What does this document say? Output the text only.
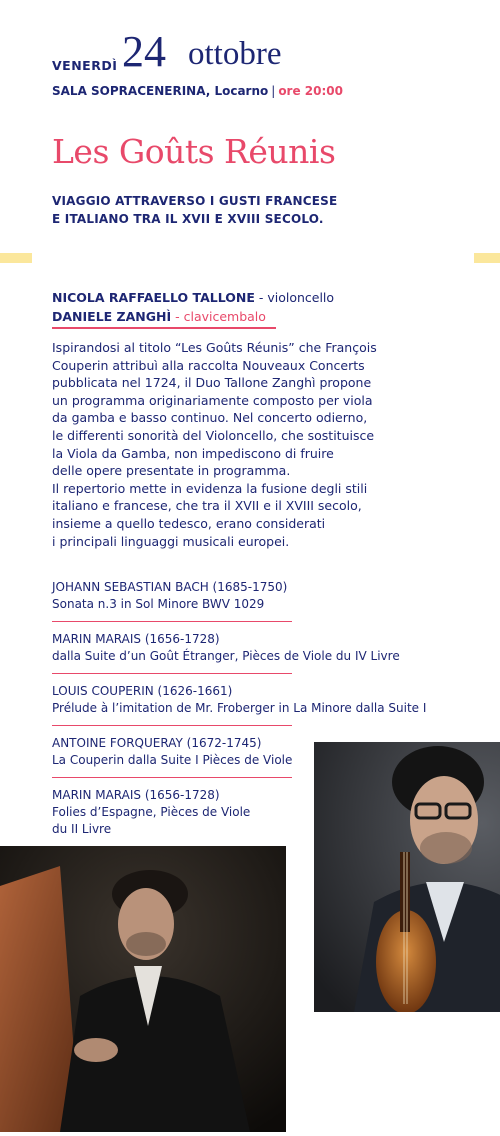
VENERDÌ 24 ottobre
SALA SOPRACENERINA, Locarno | ore 20:00
Les Goûts Réunis
VIAGGIO ATTRAVERSO I GUSTI FRANCESE
E ITALIANO TRA IL XVII E XVIII SECOLO.
NICOLA RAFFAELLO TALLONE - violoncello
DANIELE ZANGHÌ - clavicembalo
Ispirandosi al titolo “Les Goûts Réunis” che François
Couperin attribuì alla raccolta Nouveaux Concerts
pubblicata nel 1724, il Duo Tallone Zanghì propone
un programma originariamente composto per viola
da gamba e basso continuo. Nel concerto odierno,
le differenti sonorità del Violoncello, che sostituisce
la Viola da Gamba, non impediscono di fruire
delle opere presentate in programma.
Il repertorio mette in evidenza la fusione degli stili
italiano e francese, che tra il XVII e il XVIII secolo,
insieme a quello tedesco, erano considerati
i principali linguaggi musicali europei.
JOHANN SEBASTIAN BACH (1685-1750)
Sonata n.3 in Sol Minore BWV 1029
MARIN MARAIS (1656-1728)
dalla Suite d’un Goût Étranger, Pièces de Viole du IV Livre
LOUIS COUPERIN (1626-1661)
Prélude à l’imitation de Mr. Froberger in La Minore dalla Suite I
ANTOINE FORQUERAY (1672-1745)
La Couperin dalla Suite I Pièces de Viole
MARIN MARAIS (1656-1728)
Folies d’Espagne, Pièces de Viole
du II Livre
